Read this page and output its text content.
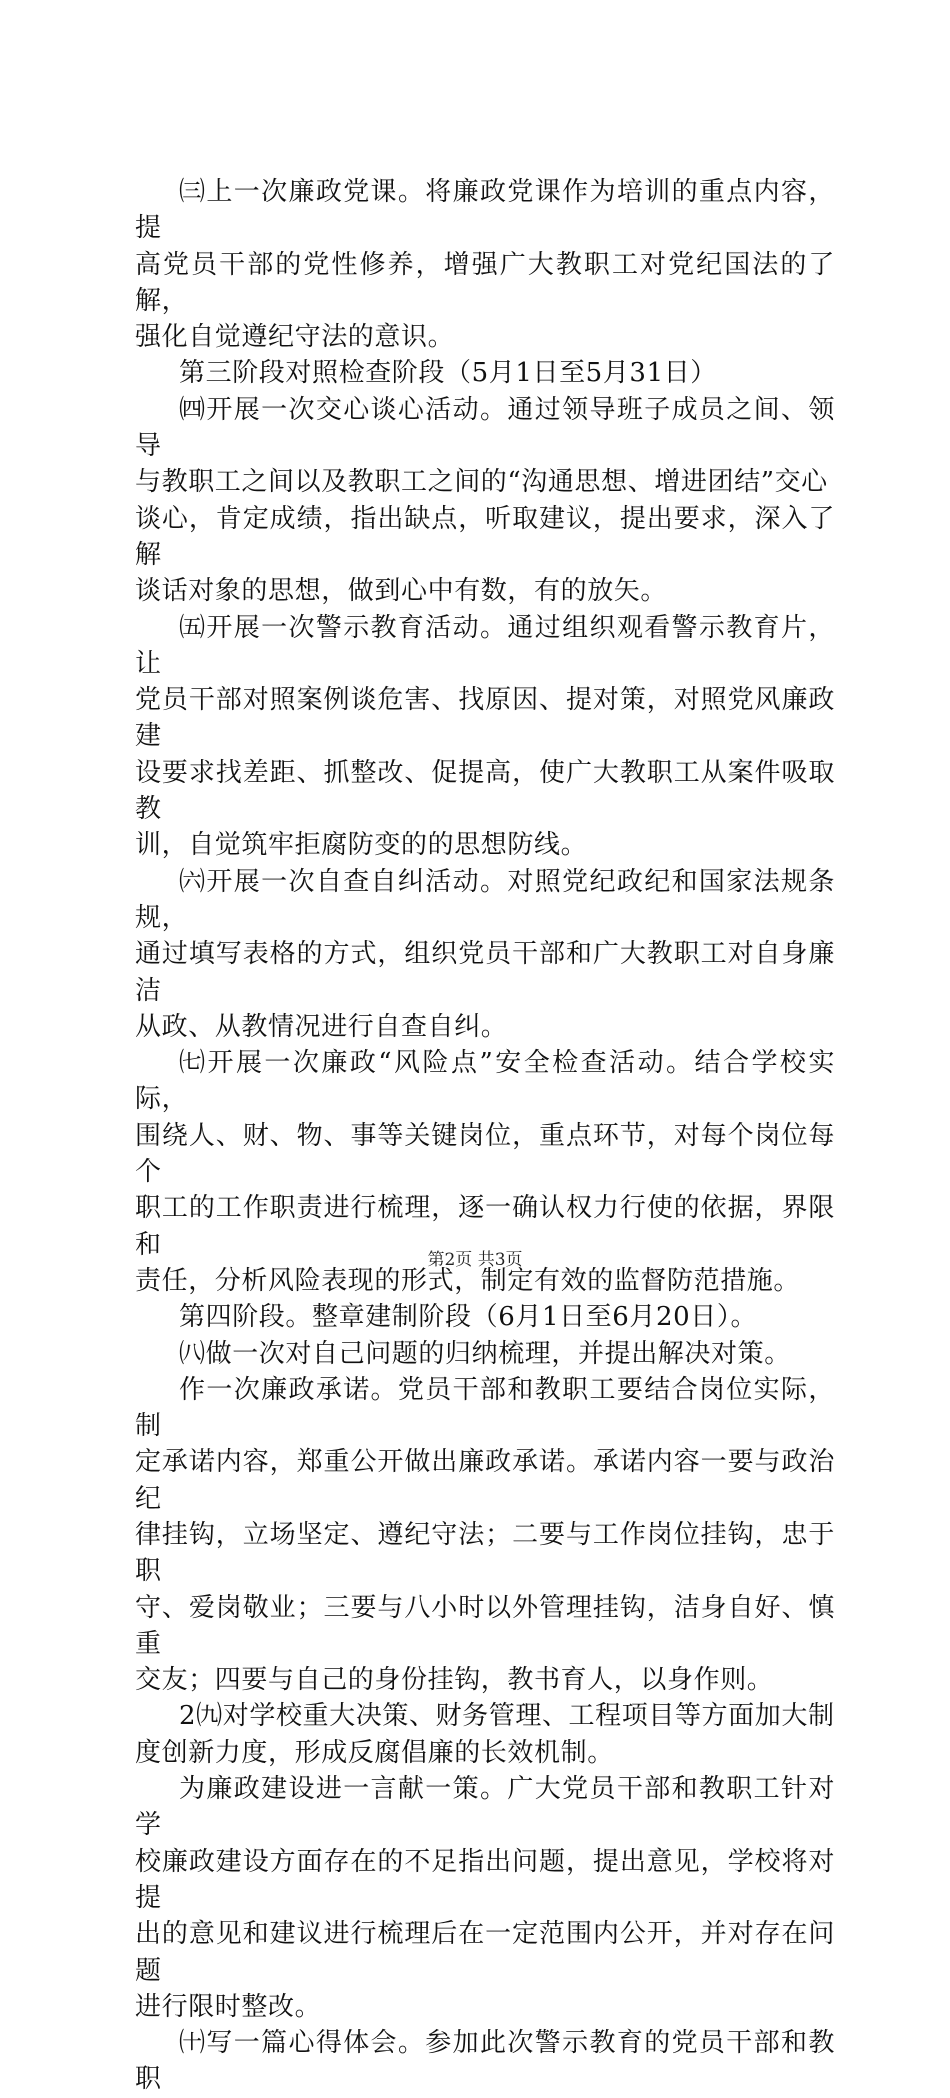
㈢上一次廉政党课。将廉政党课作为培训的重点内容，提
高党员干部的党性修养，增强广大教职工对党纪国法的了解，
强化自觉遵纪守法的意识。

第三阶段对照检查阶段（5月1日至5月31日）

㈣开展一次交心谈心活动。通过领导班子成员之间、领导
与教职工之间以及教职工之间的“沟通思想、增进团结”交心
谈心，肯定成绩，指出缺点，听取建议，提出要求，深入了解
谈话对象的思想，做到心中有数，有的放矢。

㈤开展一次警示教育活动。通过组织观看警示教育片，让
党员干部对照案例谈危害、找原因、提对策，对照党风廉政建
设要求找差距、抓整改、促提高，使广大教职工从案件吸取教
训，自觉筑牢拒腐防变的的思想防线。

㈥开展一次自查自纠活动。对照党纪政纪和国家法规条规，
通过填写表格的方式，组织党员干部和广大教职工对自身廉洁
从政、从教情况进行自查自纠。

㈦开展一次廉政“风险点”安全检查活动。结合学校实际，
围绕人、财、物、事等关键岗位，重点环节，对每个岗位每个
职工的工作职责进行梳理，逐一确认权力行使的依据，界限和
责任，分析风险表现的形式，制定有效的监督防范措施。

第四阶段。整章建制阶段（6月1日至6月20日）。

㈧做一次对自己问题的归纳梳理，并提出解决对策。

作一次廉政承诺。党员干部和教职工要结合岗位实际，制
定承诺内容，郑重公开做出廉政承诺。承诺内容一要与政治纪
律挂钩，立场坚定、遵纪守法；二要与工作岗位挂钩，忠于职
守、爱岗敬业；三要与八小时以外管理挂钩，洁身自好、慎重
交友；四要与自己的身份挂钩，教书育人，以身作则。

2㈨对学校重大决策、财务管理、工程项目等方面加大制
度创新力度，形成反腐倡廉的长效机制。

为廉政建设进一言献一策。广大党员干部和教职工针对学
校廉政建设方面存在的不足指出问题，提出意见，学校将对提
出的意见和建议进行梳理后在一定范围内公开，并对存在问题
进行限时整改。

㈩写一篇心得体会。参加此次警示教育的党员干部和教职

第2页 共3页
